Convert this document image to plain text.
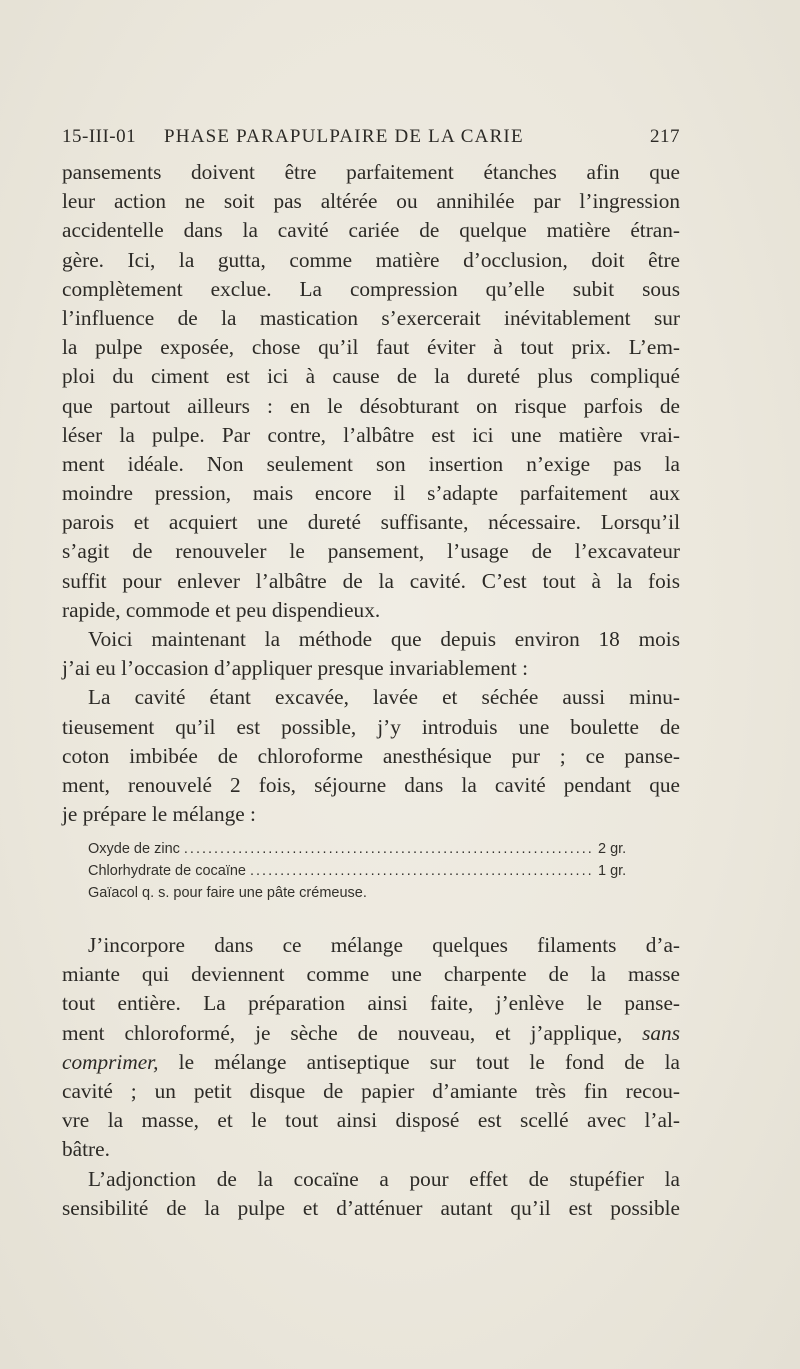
15-III-01 PHASE PARAPULPAIRE DE LA CARIE	217
pansements doivent être parfaitement étanches afin que
leur action ne soit pas altérée ou annihilée par l’ingression
accidentelle dans la cavité cariée de quelque matière étran-
gère. Ici, la gutta, comme matière d’occlusion, doit être
complètement exclue. La compression qu’elle subit sous
l’influence de la mastication s’exercerait inévitablement sur
la pulpe exposée, chose qu’il faut éviter à tout prix. L’em-
ploi du ciment est ici à cause de la dureté plus compliqué
que partout ailleurs : en le désobturant on risque parfois de
léser la pulpe. Par contre, l’albâtre est ici une matière vrai-
ment idéale. Non seulement son insertion n’exige pas la
moindre pression, mais encore il s’adapte parfaitement aux
parois et acquiert une dureté suffisante, nécessaire. Lorsqu’il
s’agit de renouveler le pansement, l’usage de l’excavateur
suffit pour enlever l’albâtre de la cavité. C’est tout à la fois
rapide, commode et peu dispendieux.
Voici maintenant la méthode que depuis environ 18 mois
j’ai eu l’occasion d’appliquer presque invariablement :
La cavité étant excavée, lavée et séchée aussi minu-
tieusement qu’il est possible, j’y introduis une boulette de
coton imbibée de chloroforme anesthésique pur ; ce panse-
ment, renouvelé 2 fois, séjourne dans la cavité pendant que
je prépare le mélange :
Oxyde de zinc .....	2 gr.
Chlorhydrate de cocaïne .....	1 gr.
Gaïacol q. s. pour faire une pâte crémeuse.
J’incorpore dans ce mélange quelques filaments d’a-
miante qui deviennent comme une charpente de la masse
tout entière. La préparation ainsi faite, j’enlève le panse-
ment chloroformé, je sèche de nouveau, et j’applique, sans
comprimer, le mélange antiseptique sur tout le fond de la
cavité ; un petit disque de papier d’amiante très fin recou-
vre la masse, et le tout ainsi disposé est scellé avec l’al-
bâtre.
L’adjonction de la cocaïne a pour effet de stupéfier la
sensibilité de la pulpe et d’atténuer autant qu’il est possible
